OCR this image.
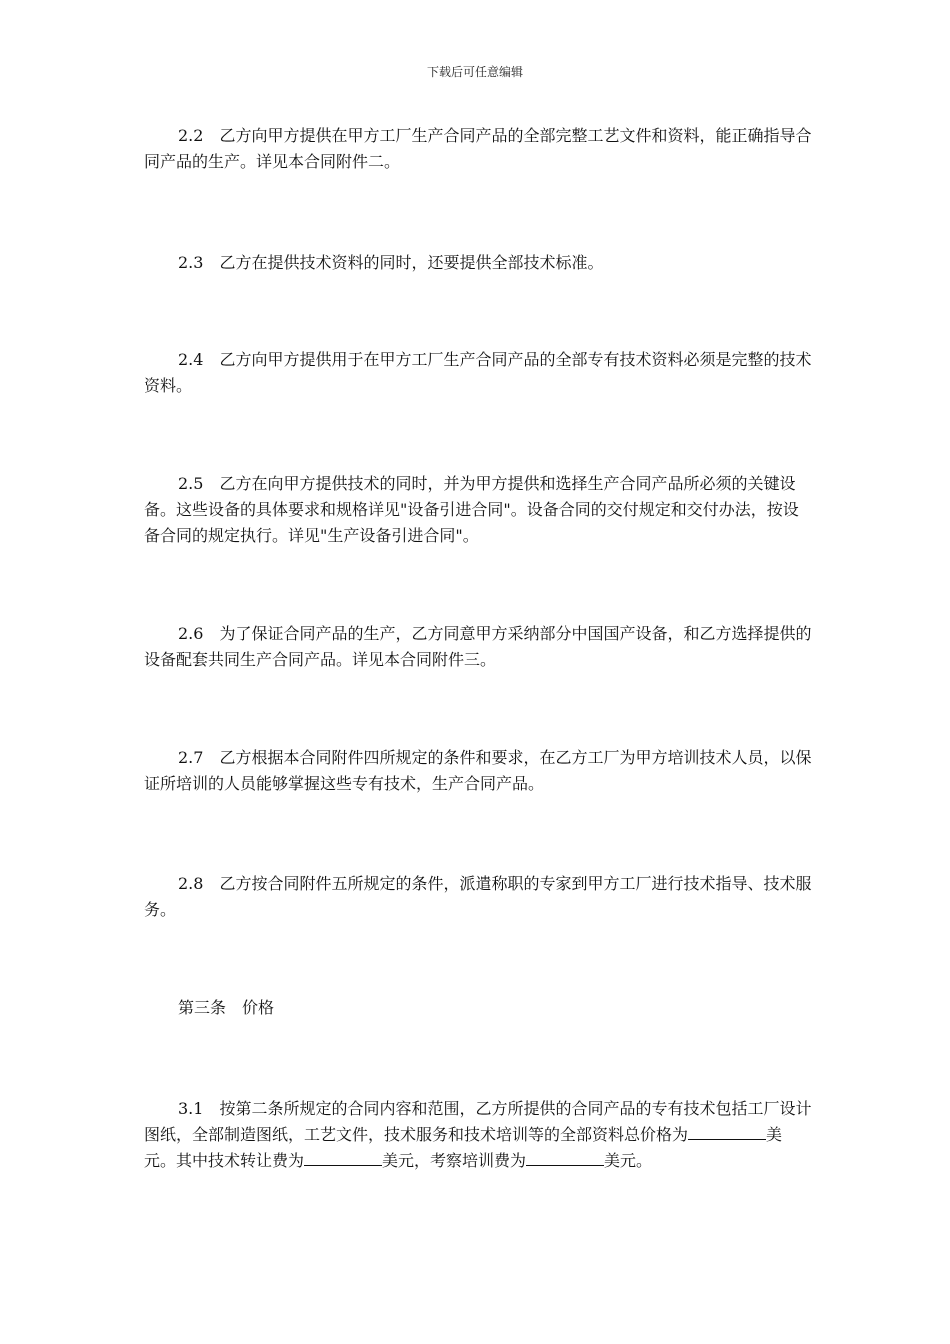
下载后可任意编辑

2.2 乙方向甲方提供在甲方工厂生产合同产品的全部完整工艺文件和资料，能正确指导合同产品的生产。详见本合同附件二。

2.3 乙方在提供技术资料的同时，还要提供全部技术标准。

2.4 乙方向甲方提供用于在甲方工厂生产合同产品的全部专有技术资料必须是完整的技术资料。

2.5 乙方在向甲方提供技术的同时，并为甲方提供和选择生产合同产品所必须的关键设备。这些设备的具体要求和规格详见"设备引进合同"。设备合同的交付规定和交付办法，按设备合同的规定执行。详见"生产设备引进合同"。

2.6 为了保证合同产品的生产，乙方同意甲方采纳部分中国国产设备，和乙方选择提供的设备配套共同生产合同产品。详见本合同附件三。

2.7 乙方根据本合同附件四所规定的条件和要求，在乙方工厂为甲方培训技术人员，以保证所培训的人员能够掌握这些专有技术，生产合同产品。

2.8 乙方按合同附件五所规定的条件，派遣称职的专家到甲方工厂进行技术指导、技术服务。

第三条　价格

3.1 按第二条所规定的合同内容和范围，乙方所提供的合同产品的专有技术包括工厂设计图纸，全部制造图纸，工艺文件，技术服务和技术培训等的全部资料总价格为	美元。其中技术转让费为	美元，考察培训费为	美元。
